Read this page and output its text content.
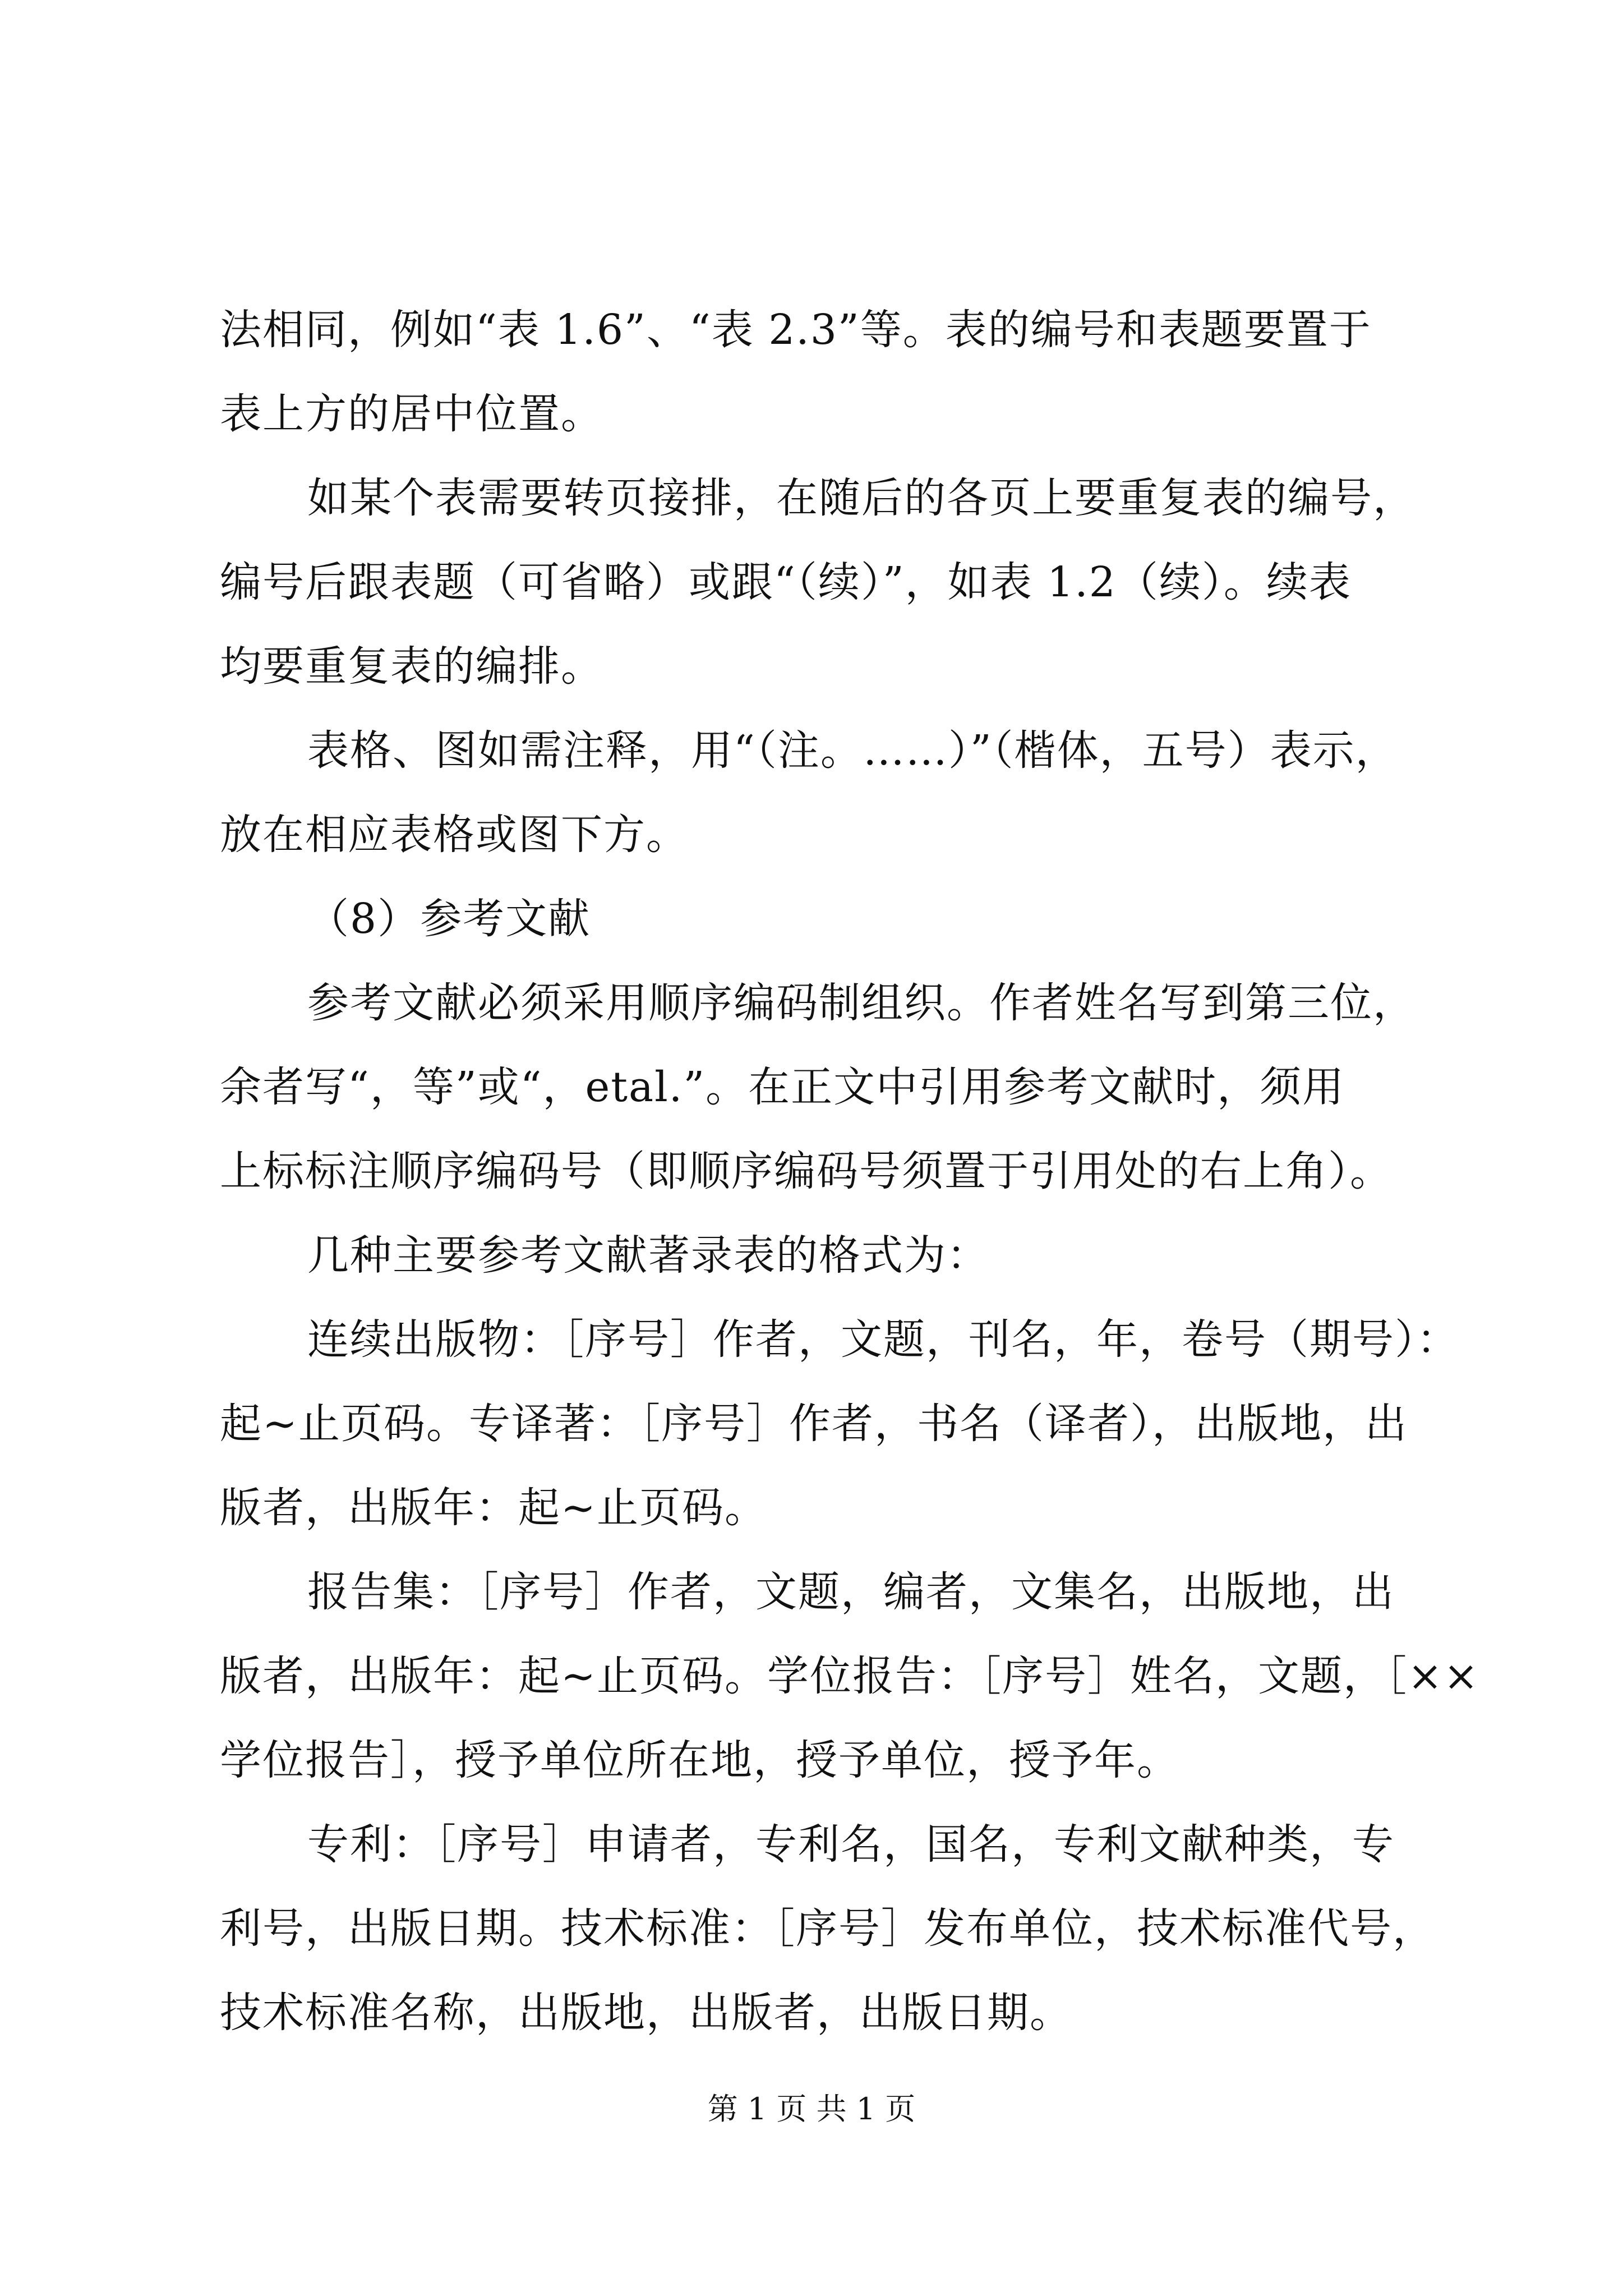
法相同，例如“表 1.6”、“表 2.3”等。表的编号和表题要置于
表上方的居中位置。
如某个表需要转页接排，在随后的各页上要重复表的编号，
编号后跟表题（可省略）或跟“（续）”，如表 1.2（续）。续表
均要重复表的编排。
表格、图如需注释，用“（注。……）”（楷体，五号）表示，
放在相应表格或图下方。
（8）参考文献
参考文献必须采用顺序编码制组织。作者姓名写到第三位，
余者写“，等”或“，etal.”。在正文中引用参考文献时，须用
上标标注顺序编码号（即顺序编码号须置于引用处的右上角）。
几种主要参考文献著录表的格式为：
连续出版物：［序号］作者，文题，刊名，年，卷号（期号）：
起~止页码。专译著：［序号］作者，书名（译者），出版地，出
版者，出版年：起~止页码。
报告集：［序号］作者，文题，编者，文集名，出版地，出
版者，出版年：起~止页码。学位报告：［序号］姓名，文题，［××
学位报告］，授予单位所在地，授予单位，授予年。
专利：［序号］申请者，专利名，国名，专利文献种类，专
利号，出版日期。技术标准：［序号］发布单位，技术标准代号，
技术标准名称，出版地，出版者，出版日期。
第 1 页 共 1 页
